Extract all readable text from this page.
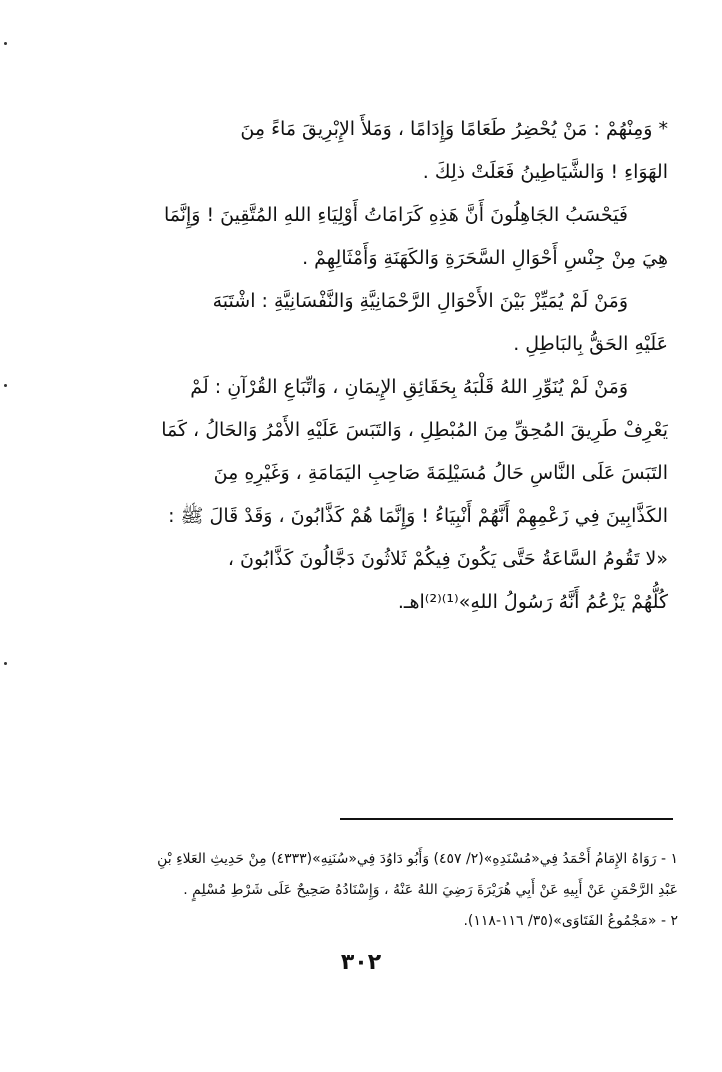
* وَمِنْهُمْ : مَنْ يُحْضِرُ طَعَامًا وَإِدَامًا ، وَمَلأَ الإِبْرِيقَ مَاءً مِنَ
الهَوَاءِ ! وَالشَّيَاطِينُ فَعَلَتْ ذلِكَ .

فَيَحْسَبُ الجَاهِلُونَ أَنَّ هَذِهِ كَرَامَاتُ أَوْلِيَاءِ اللهِ المُتَّقِينَ ! وَإِنَّمَا
هِيَ مِنْ جِنْسِ أَحْوَالِ السَّحَرَةِ وَالكَهَنَةِ وَأَمْثَالِهِمْ .

وَمَنْ لَمْ يُمَيِّزْ بَيْنَ الأَحْوَالِ الرَّحْمَانِيَّةِ وَالنَّفْسَانِيَّةِ : اشْتَبَهَ
عَلَيْهِ الحَقُّ بِالبَاطِلِ .

وَمَنْ لَمْ يُنَوِّرِ اللهُ قَلْبَهُ بِحَقَائِقِ الإِيمَانِ ، وَاتِّبَاعِ القُرْآنِ : لَمْ
يَعْرِفْ طَرِيقَ المُحِقِّ مِنَ المُبْطِلِ ، وَالتَبَسَ عَلَيْهِ الأَمْرُ وَالحَالُ ، كَمَا
التَبَسَ عَلَى النَّاسِ حَالُ مُسَيْلِمَةَ صَاحِبِ اليَمَامَةِ ، وَغَيْرِهِ مِنَ
الكَذَّابِينَ فِي زَعْمِهِمْ أَنَّهُمْ أَنْبِيَاءُ ! وَإِنَّمَا هُمْ كَذَّابُونَ ، وَقَدْ قَالَ ﷺ :
«لا تَقُومُ السَّاعَةُ حَتَّى يَكُونَ فِيكُمْ ثَلاثُونَ دَجَّالُونَ كَذَّابُونَ ،
كُلُّهُمْ يَزْعُمُ أَنَّهُ رَسُولُ اللهِ»⁽¹⁾⁽²⁾اهـ.

١ - رَوَاهُ الإِمَامُ أَحْمَدُ فِي«مُسْنَدِهِ»(٢/ ٤٥٧) وَأَبُو دَاوُدَ فِي«سُنَنِهِ»(٤٣٣٣) مِنْ حَدِيثِ العَلاءِ بْنِ
عَبْدِ الرَّحْمَنِ عَنْ أَبِيهِ عَنْ أَبِي هُرَيْرَةَ رَضِيَ اللهُ عَنْهُ ، وَإِسْنَادُهُ صَحِيحٌ عَلَى شَرْطِ مُسْلِمٍ .
٢ - «مَجْمُوعُ الفَتَاوَى»(٣٥/ ١١٦-١١٨).
٣٠٢
